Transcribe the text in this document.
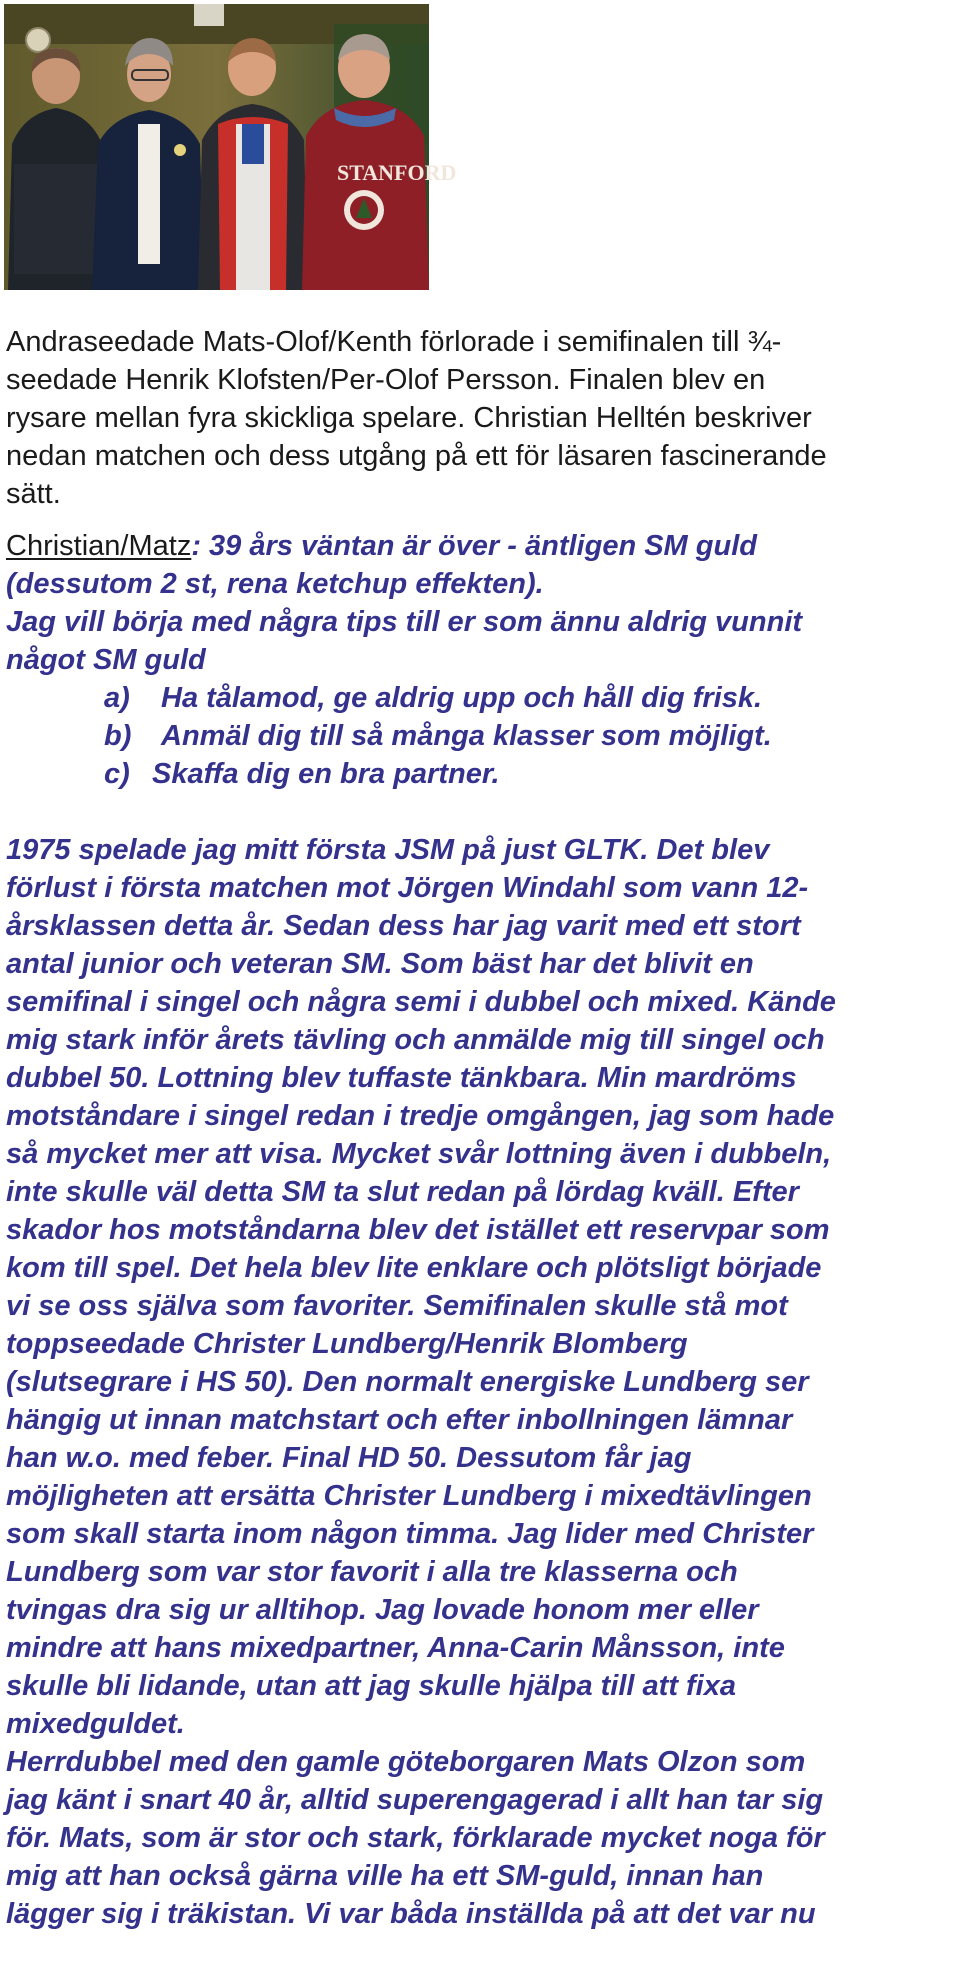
STANFORD

Andraseedade Mats-Olof/Kenth förlorade i semifinalen till ¾-

seedade Henrik Klofsten/Per-Olof Persson. Finalen blev en

rysare mellan fyra skickliga spelare. Christian Helltén beskriver

nedan matchen och dess utgång på ett för läsaren fascinerande

sätt.

Christian/Matz: 39 års väntan är över - äntligen SM guld

(dessutom 2 st, rena ketchup effekten).

Jag vill börja med några tips till er som ännu aldrig vunnit

något SM guld

a) Ha tålamod, ge aldrig upp och håll dig frisk.

b) Anmäl dig till så många klasser som möjligt.

c) Skaffa dig en bra partner.

1975 spelade jag mitt första JSM på just GLTK. Det blev

förlust i första matchen mot Jörgen Windahl som vann 12-

årsklassen detta år. Sedan dess har jag varit med ett stort

antal junior och veteran SM. Som bäst har det blivit en

semifinal i singel och några semi i dubbel och mixed. Kände

mig stark inför årets tävling och anmälde mig till singel och

dubbel 50. Lottning blev tuffaste tänkbara. Min mardröms

motståndare i singel redan i tredje omgången, jag som hade

så mycket mer att visa. Mycket svår lottning även i dubbeln,

inte skulle väl detta SM ta slut redan på lördag kväll. Efter

skador hos motståndarna blev det istället ett reservpar som

kom till spel. Det hela blev lite enklare och plötsligt började

vi se oss själva som favoriter. Semifinalen skulle stå mot

toppseedade Christer Lundberg/Henrik Blomberg

(slutsegrare i HS 50). Den normalt energiske Lundberg ser

hängig ut innan matchstart och efter inbollningen lämnar

han w.o. med feber. Final HD 50. Dessutom får jag

möjligheten att ersätta Christer Lundberg i mixedtävlingen

som skall starta inom någon timma. Jag lider med Christer

Lundberg som var stor favorit i alla tre klasserna och

tvingas dra sig ur alltihop. Jag lovade honom mer eller

mindre att hans mixedpartner, Anna-Carin Månsson, inte

skulle bli lidande, utan att jag skulle hjälpa till att fixa

mixedguldet.

Herrdubbel med den gamle göteborgaren Mats Olzon som

jag känt i snart 40 år, alltid superengagerad i allt han tar sig

för. Mats, som är stor och stark, förklarade mycket noga för

mig att han också gärna ville ha ett SM-guld, innan han

lägger sig i träkistan. Vi var båda inställda på att det var nu
